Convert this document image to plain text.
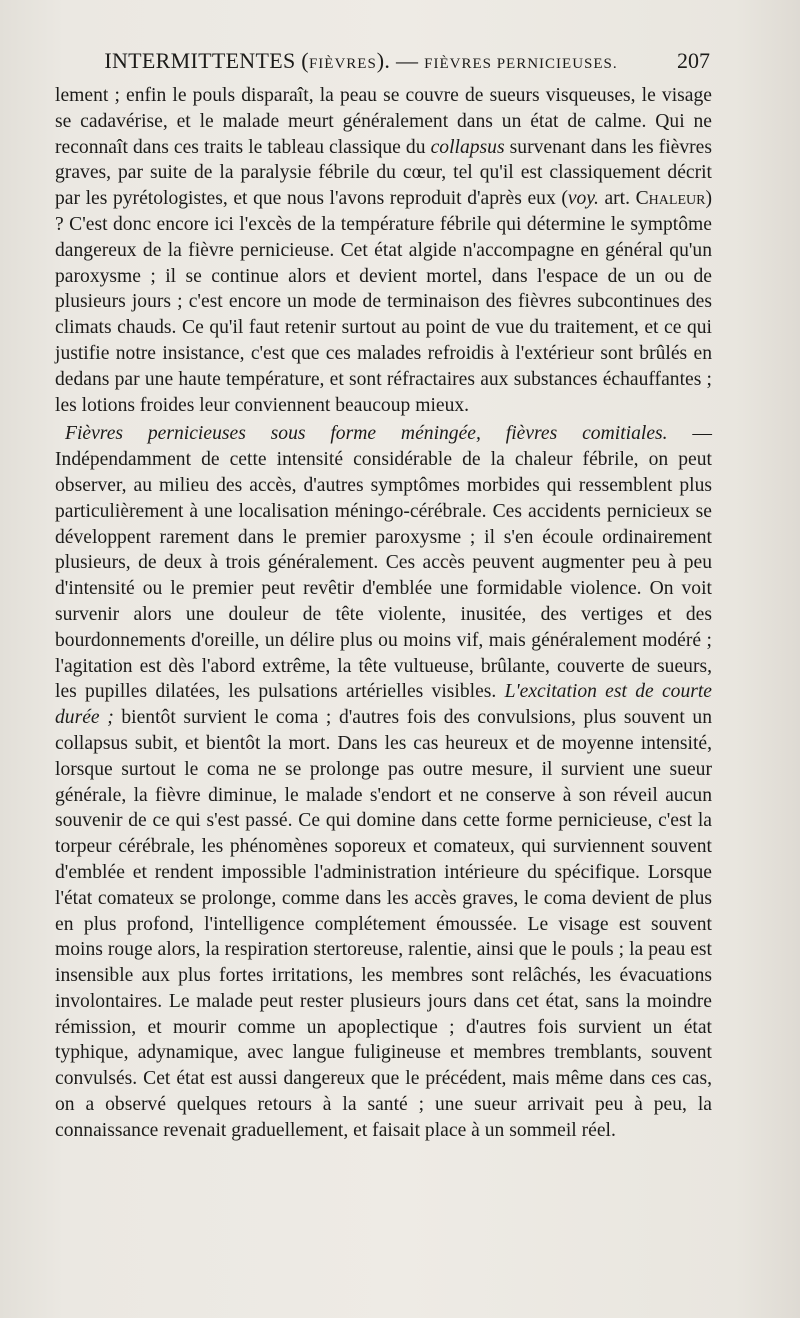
INTERMITTENTES (FIÈVRES). — FIÈVRES PERNICIEUSES.	207

lement ; enfin le pouls disparaît, la peau se couvre de sueurs visqueuses, le visage se cadavérise, et le malade meurt généralement dans un état de calme. Qui ne reconnaît dans ces traits le tableau classique du collapsus survenant dans les fièvres graves, par suite de la paralysie fébrile du cœur, tel qu'il est classiquement décrit par les pyrétologistes, et que nous l'avons reproduit d'après eux (voy. art. Chaleur) ? C'est donc encore ici l'excès de la température fébrile qui détermine le symptôme dangereux de la fièvre pernicieuse. Cet état algide n'accompagne en général qu'un paroxysme ; il se continue alors et devient mortel, dans l'espace de un ou de plusieurs jours ; c'est encore un mode de terminaison des fièvres subcontinues des climats chauds. Ce qu'il faut retenir surtout au point de vue du traitement, et ce qui justifie notre insistance, c'est que ces malades refroidis à l'extérieur sont brûlés en dedans par une haute température, et sont réfractaires aux substances échauffantes ; les lotions froides leur conviennent beaucoup mieux.

Fièvres pernicieuses sous forme méningée, fièvres comitiales. — Indépendamment de cette intensité considérable de la chaleur fébrile, on peut observer, au milieu des accès, d'autres symptômes morbides qui ressemblent plus particulièrement à une localisation méningo-cérébrale. Ces accidents pernicieux se développent rarement dans le premier paroxysme ; il s'en écoule ordinairement plusieurs, de deux à trois généralement. Ces accès peuvent augmenter peu à peu d'intensité ou le premier peut revêtir d'emblée une formidable violence. On voit survenir alors une douleur de tête violente, inusitée, des vertiges et des bourdonnements d'oreille, un délire plus ou moins vif, mais généralement modéré ; l'agitation est dès l'abord extrême, la tête vultueuse, brûlante, couverte de sueurs, les pupilles dilatées, les pulsations artérielles visibles. L'excitation est de courte durée ; bientôt survient le coma ; d'autres fois des convulsions, plus souvent un collapsus subit, et bientôt la mort. Dans les cas heureux et de moyenne intensité, lorsque surtout le coma ne se prolonge pas outre mesure, il survient une sueur générale, la fièvre diminue, le malade s'endort et ne conserve à son réveil aucun souvenir de ce qui s'est passé. Ce qui domine dans cette forme pernicieuse, c'est la torpeur cérébrale, les phénomènes soporeux et comateux, qui surviennent souvent d'emblée et rendent impossible l'administration intérieure du spécifique. Lorsque l'état comateux se prolonge, comme dans les accès graves, le coma devient de plus en plus profond, l'intelligence complétement émoussée. Le visage est souvent moins rouge alors, la respiration stertoreuse, ralentie, ainsi que le pouls ; la peau est insensible aux plus fortes irritations, les membres sont relâchés, les évacuations involontaires. Le malade peut rester plusieurs jours dans cet état, sans la moindre rémission, et mourir comme un apoplectique ; d'autres fois survient un état typhique, adynamique, avec langue fuligineuse et membres tremblants, souvent convulsés. Cet état est aussi dangereux que le précédent, mais même dans ces cas, on a observé quelques retours à la santé ; une sueur arrivait peu à peu, la connaissance revenait graduellement, et faisait place à un sommeil réel.
